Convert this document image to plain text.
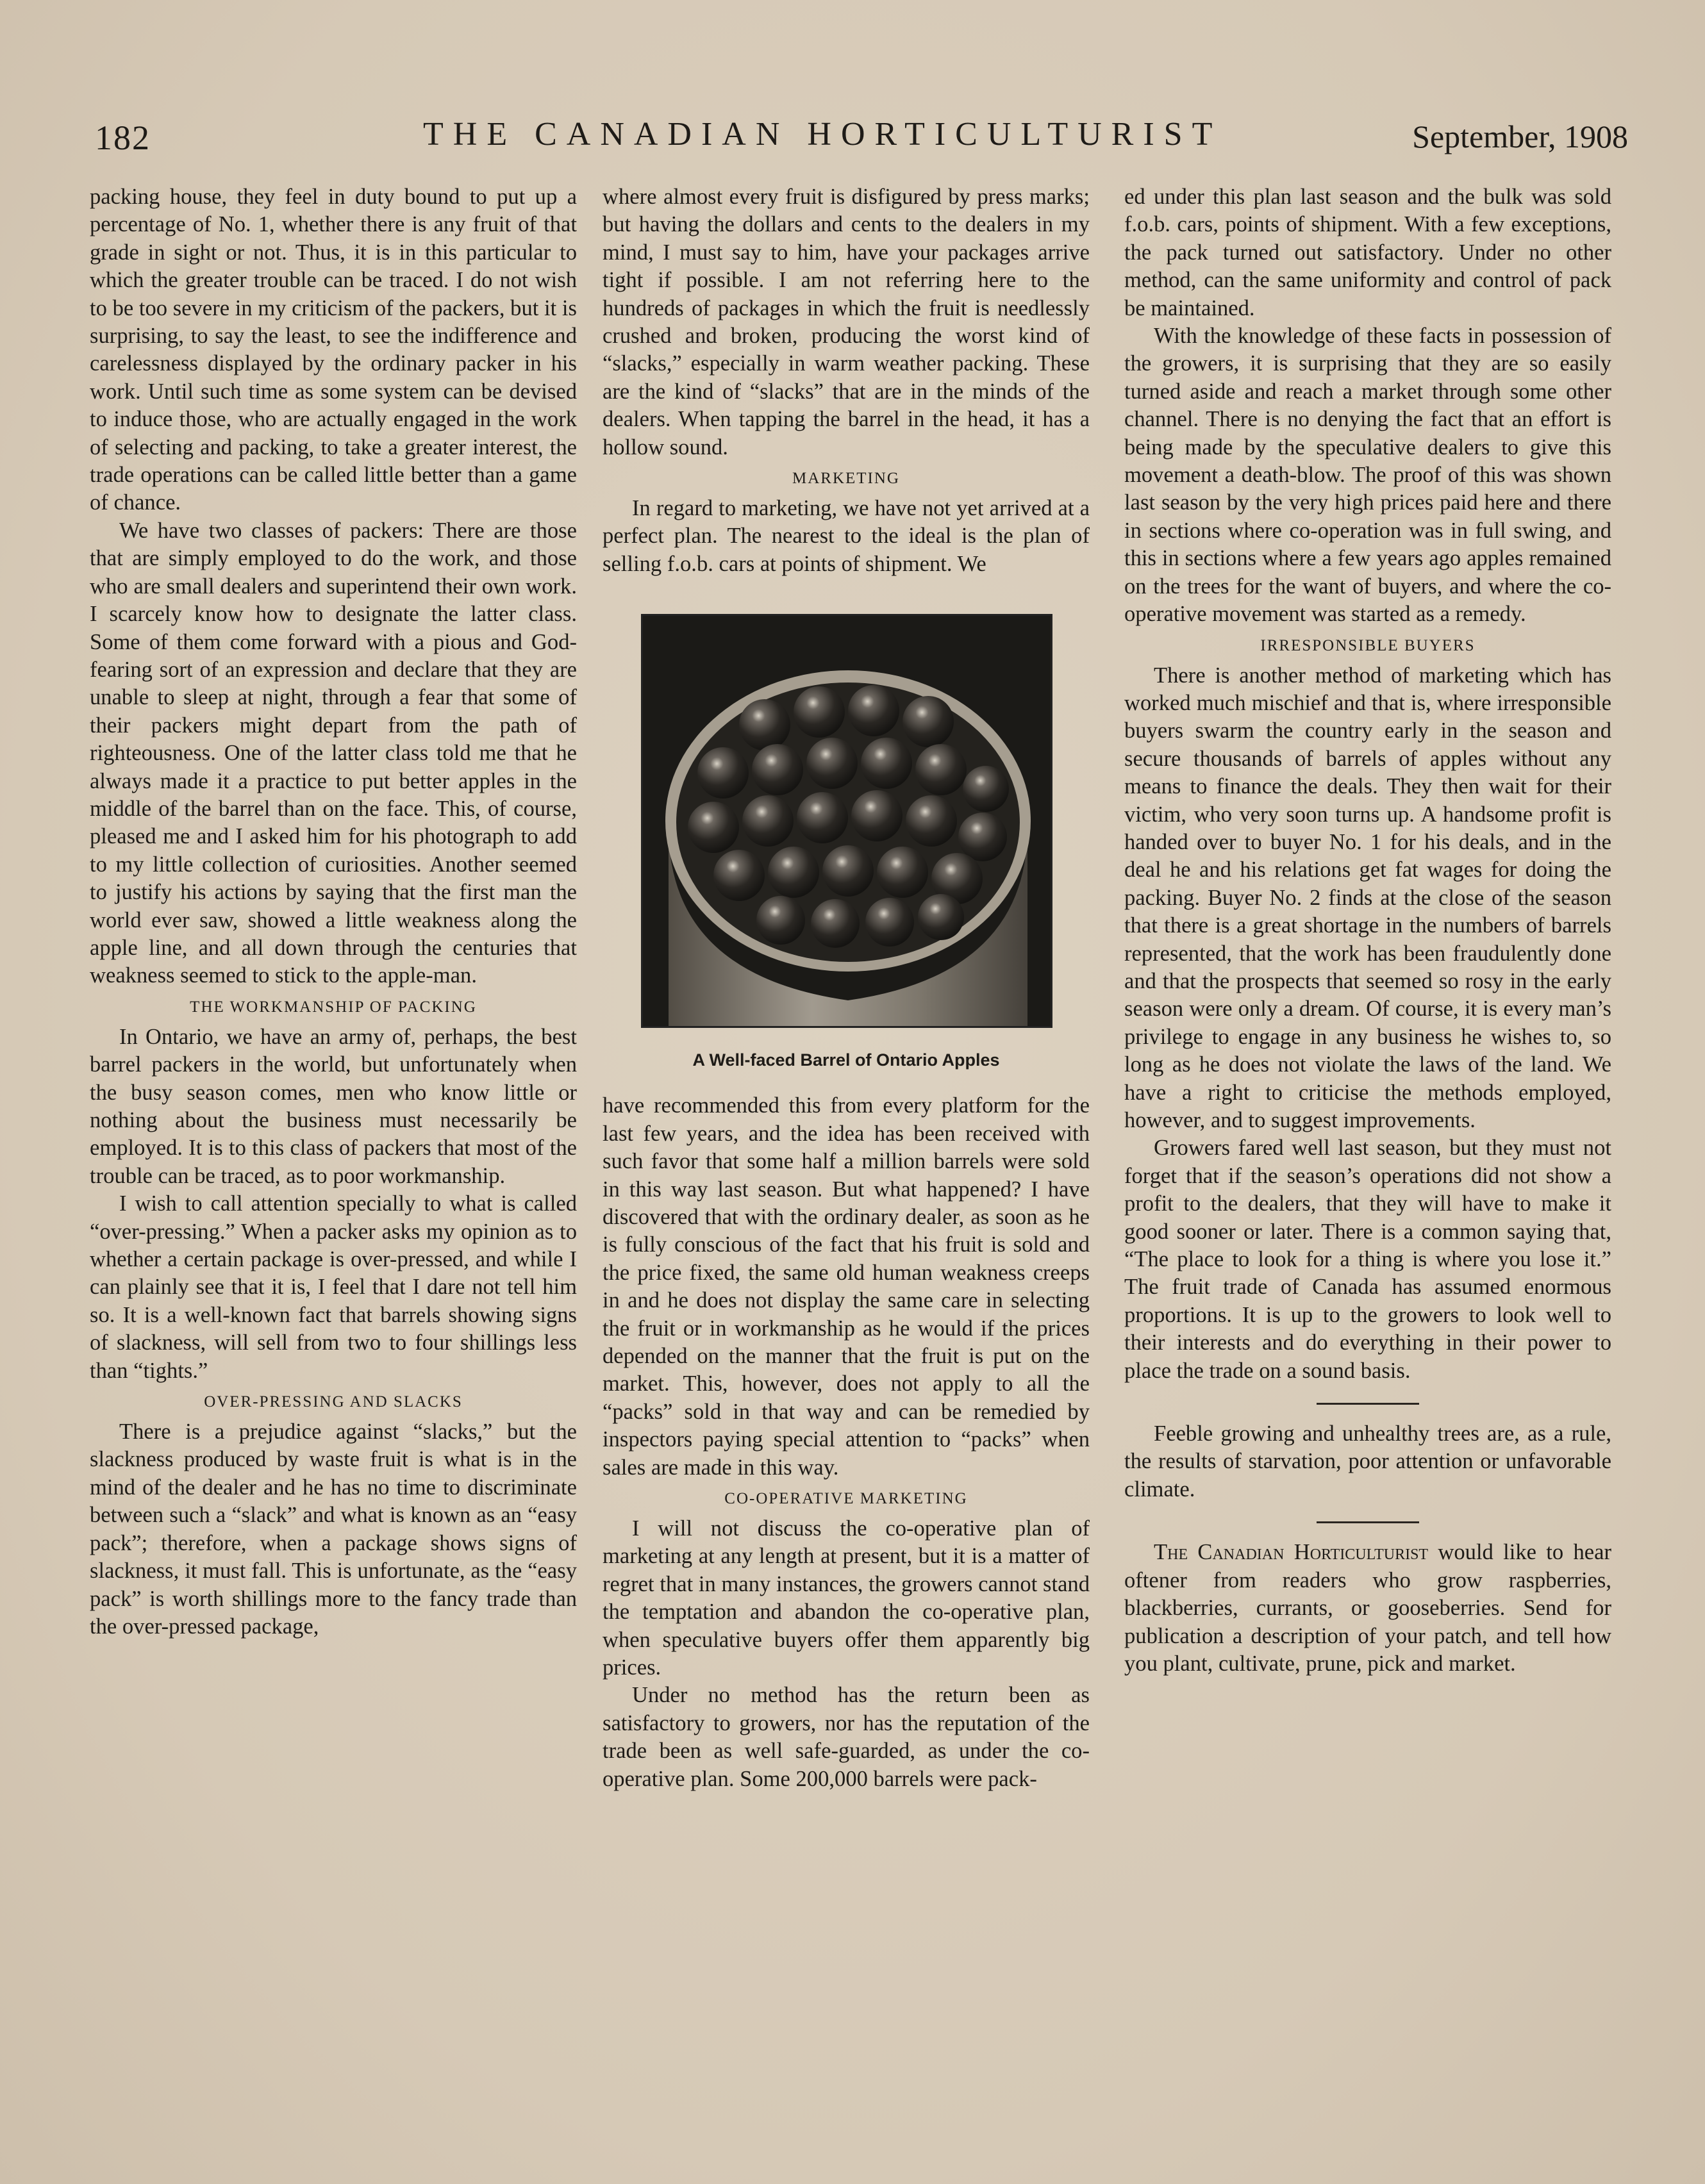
182	THE CANADIAN HORTICULTURIST	September, 1908

packing house, they feel in duty bound to put up a percentage of No. 1, whether there is any fruit of that grade in sight or not. Thus, it is in this particular to which the greater trouble can be traced. I do not wish to be too severe in my criticism of the packers, but it is surprising, to say the least, to see the indifference and carelessness displayed by the ordinary packer in his work. Until such time as some system can be devised to induce those, who are actually engaged in the work of selecting and packing, to take a greater interest, the trade operations can be called little better than a game of chance.

We have two classes of packers: There are those that are simply employed to do the work, and those who are small dealers and superintend their own work. I scarcely know how to designate the latter class. Some of them come forward with a pious and God-fearing sort of an expression and declare that they are unable to sleep at night, through a fear that some of their packers might depart from the path of righteousness. One of the latter class told me that he always made it a practice to put better apples in the middle of the barrel than on the face. This, of course, pleased me and I asked him for his photograph to add to my little collection of curiosities. Another seemed to justify his actions by saying that the first man the world ever saw, showed a little weakness along the apple line, and all down through the centuries that weakness seemed to stick to the apple-man.

THE WORKMANSHIP OF PACKING

In Ontario, we have an army of, perhaps, the best barrel packers in the world, but unfortunately when the busy season comes, men who know little or nothing about the business must necessarily be employed. It is to this class of packers that most of the trouble can be traced, as to poor workmanship.

I wish to call attention specially to what is called “over-pressing.” When a packer asks my opinion as to whether a certain package is over-pressed, and while I can plainly see that it is, I feel that I dare not tell him so. It is a well-known fact that barrels showing signs of slackness, will sell from two to four shillings less than “tights.”

OVER-PRESSING AND SLACKS

There is a prejudice against “slacks,” but the slackness produced by waste fruit is what is in the mind of the dealer and he has no time to discriminate between such a “slack” and what is known as an “easy pack”; therefore, when a package shows signs of slackness, it must fall. This is unfortunate, as the “easy pack” is worth shillings more to the fancy trade than the over-pressed package,

where almost every fruit is disfigured by press marks; but having the dollars and cents to the dealers in my mind, I must say to him, have your packages arrive tight if possible. I am not referring here to the hundreds of packages in which the fruit is needlessly crushed and broken, producing the worst kind of “slacks,” especially in warm weather packing. These are the kind of “slacks” that are in the minds of the dealers. When tapping the barrel in the head, it has a hollow sound.

MARKETING

In regard to marketing, we have not yet arrived at a perfect plan. The nearest to the ideal is the plan of selling f.o.b. cars at points of shipment. We

A Well-faced Barrel of Ontario Apples

have recommended this from every platform for the last few years, and the idea has been received with such favor that some half a million barrels were sold in this way last season. But what happened? I have discovered that with the ordinary dealer, as soon as he is fully conscious of the fact that his fruit is sold and the price fixed, the same old human weakness creeps in and he does not display the same care in selecting the fruit or in workmanship as he would if the prices depended on the manner that the fruit is put on the market. This, however, does not apply to all the “packs” sold in that way and can be remedied by inspectors paying special attention to “packs” when sales are made in this way.

CO-OPERATIVE MARKETING

I will not discuss the co-operative plan of marketing at any length at present, but it is a matter of regret that in many instances, the growers cannot stand the temptation and abandon the co-operative plan, when speculative buyers offer them apparently big prices.

Under no method has the return been as satisfactory to growers, nor has the reputation of the trade been as well safe-guarded, as under the co-operative plan. Some 200,000 barrels were pack-

ed under this plan last season and the bulk was sold f.o.b. cars, points of shipment. With a few exceptions, the pack turned out satisfactory. Under no other method, can the same uniformity and control of pack be maintained.

With the knowledge of these facts in possession of the growers, it is surprising that they are so easily turned aside and reach a market through some other channel. There is no denying the fact that an effort is being made by the speculative dealers to give this movement a death-blow. The proof of this was shown last season by the very high prices paid here and there in sections where co-operation was in full swing, and this in sections where a few years ago apples remained on the trees for the want of buyers, and where the co-operative movement was started as a remedy.

IRRESPONSIBLE BUYERS

There is another method of marketing which has worked much mischief and that is, where irresponsible buyers swarm the country early in the season and secure thousands of barrels of apples without any means to finance the deals. They then wait for their victim, who very soon turns up. A handsome profit is handed over to buyer No. 1 for his deals, and in the deal he and his relations get fat wages for doing the packing. Buyer No. 2 finds at the close of the season that there is a great shortage in the numbers of barrels represented, that the work has been fraudulently done and that the prospects that seemed so rosy in the early season were only a dream. Of course, it is every man’s privilege to engage in any business he wishes to, so long as he does not violate the laws of the land. We have a right to criticise the methods employed, however, and to suggest improvements.

Growers fared well last season, but they must not forget that if the season’s operations did not show a profit to the dealers, that they will have to make it good sooner or later. There is a common saying that, “The place to look for a thing is where you lose it.” The fruit trade of Canada has assumed enormous proportions. It is up to the growers to look well to their interests and do everything in their power to place the trade on a sound basis.

Feeble growing and unhealthy trees are, as a rule, the results of starvation, poor attention or unfavorable climate.

The Canadian Horticulturist would like to hear oftener from readers who grow raspberries, blackberries, currants, or gooseberries. Send for publication a description of your patch, and tell how you plant, cultivate, prune, pick and market.
